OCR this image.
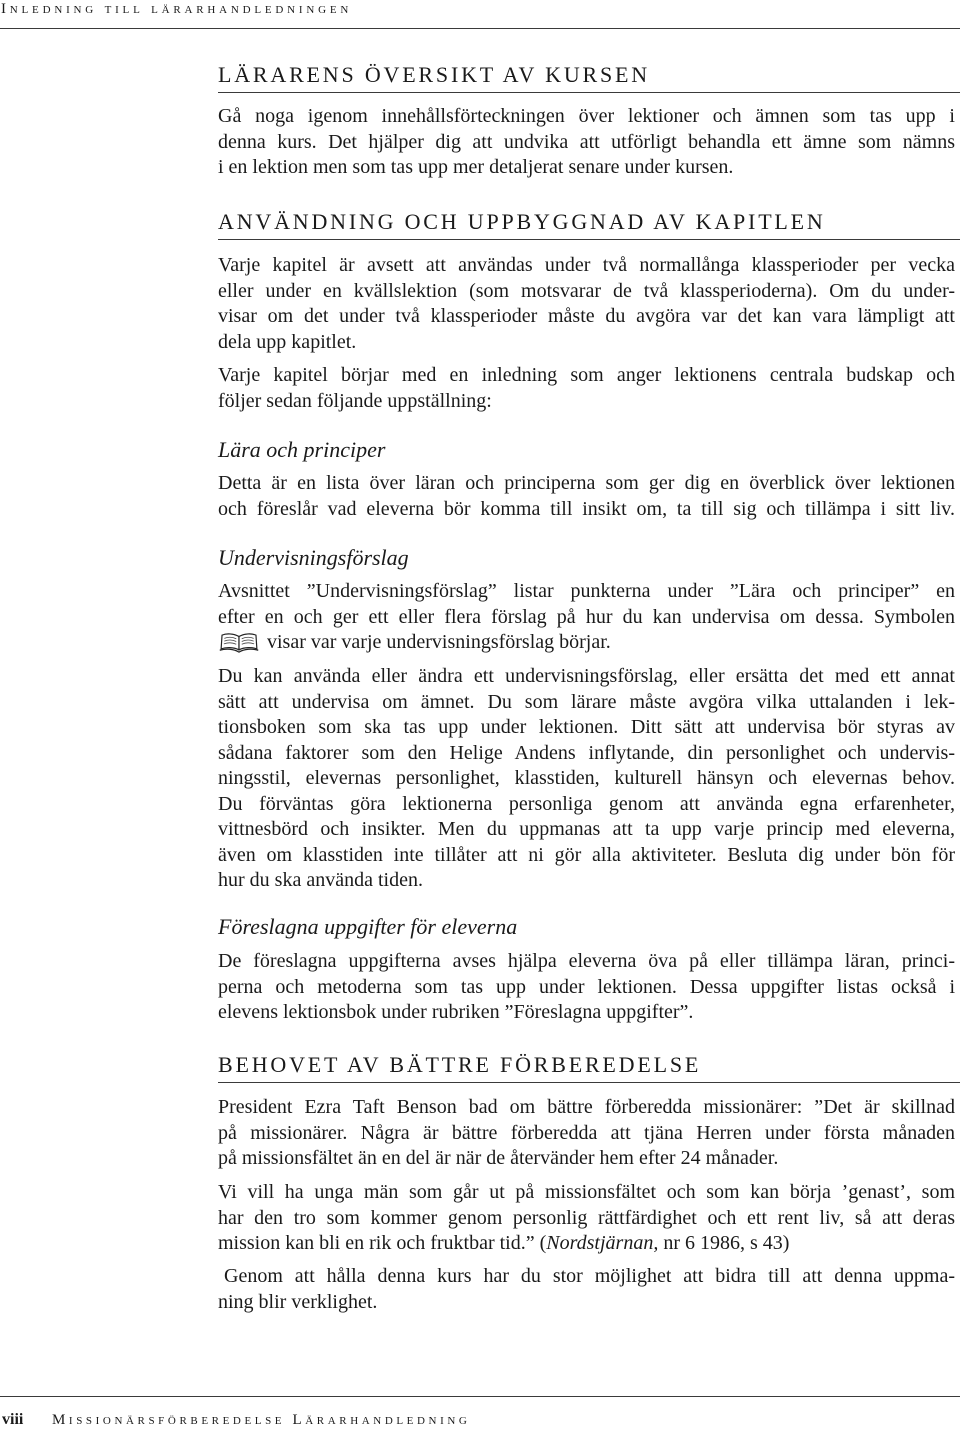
Inledning till lärarhandledningen
LÄRARENS ÖVERSIKT AV KURSEN
Gå noga igenom innehållsförteckningen över lektioner och ämnen som tas upp i
denna kurs. Det hjälper dig att undvika att utförligt behandla ett ämne som nämns
i en lektion men som tas upp mer detaljerat senare under kursen.
ANVÄNDNING OCH UPPBYGGNAD AV KAPITLEN
Varje kapitel är avsett att användas under två normallånga klassperioder per vecka
eller under en kvällslektion (som motsvarar de två klassperioderna). Om du under-
visar om det under två klassperioder måste du avgöra var det kan vara lämpligt att
dela upp kapitlet.
Varje kapitel börjar med en inledning som anger lektionens centrala budskap och
följer sedan följande uppställning:
Lära och principer
Detta är en lista över läran och principerna som ger dig en överblick över lektionen
och föreslår vad eleverna bör komma till insikt om, ta till sig och tillämpa i sitt liv.
Undervisningsförslag
Avsnittet ”Undervisningsförslag” listar punkterna under ”Lära och principer” en
efter en och ger ett eller flera förslag på hur du kan undervisa om dessa. Symbolen
visar var varje undervisningsförslag börjar.
Du kan använda eller ändra ett undervisningsförslag, eller ersätta det med ett annat
sätt att undervisa om ämnet. Du som lärare måste avgöra vilka uttalanden i lek-
tionsboken som ska tas upp under lektionen. Ditt sätt att undervisa bör styras av
sådana faktorer som den Helige Andens inflytande, din personlighet och undervis-
ningsstil, elevernas personlighet, klasstiden, kulturell hänsyn och elevernas behov.
Du förväntas göra lektionerna personliga genom att använda egna erfarenheter,
vittnesbörd och insikter. Men du uppmanas att ta upp varje princip med eleverna,
även om klasstiden inte tillåter att ni gör alla aktiviteter. Besluta dig under bön för
hur du ska använda tiden.
Föreslagna uppgifter för eleverna
De föreslagna uppgifterna avses hjälpa eleverna öva på eller tillämpa läran, princi-
perna och metoderna som tas upp under lektionen. Dessa uppgifter listas också i
elevens lektionsbok under rubriken ”Föreslagna uppgifter”.
BEHOVET AV BÄTTRE FÖRBEREDELSE
President Ezra Taft Benson bad om bättre förberedda missionärer: ”Det är skillnad
på missionärer. Några är bättre förberedda att tjäna Herren under första månaden
på missionsfältet än en del är när de återvänder hem efter 24 månader.
Vi vill ha unga män som går ut på missionsfältet och som kan börja ’genast’, som
har den tro som kommer genom personlig rättfärdighet och ett rent liv, så att deras
mission kan bli en rik och fruktbar tid.” (Nordstjärnan, nr 6 1986, s 43)
Genom att hålla denna kurs har du stor möjlighet att bidra till att denna uppma-
ning blir verklighet.
viii Missionärsförberedelse Lärarhandledning
